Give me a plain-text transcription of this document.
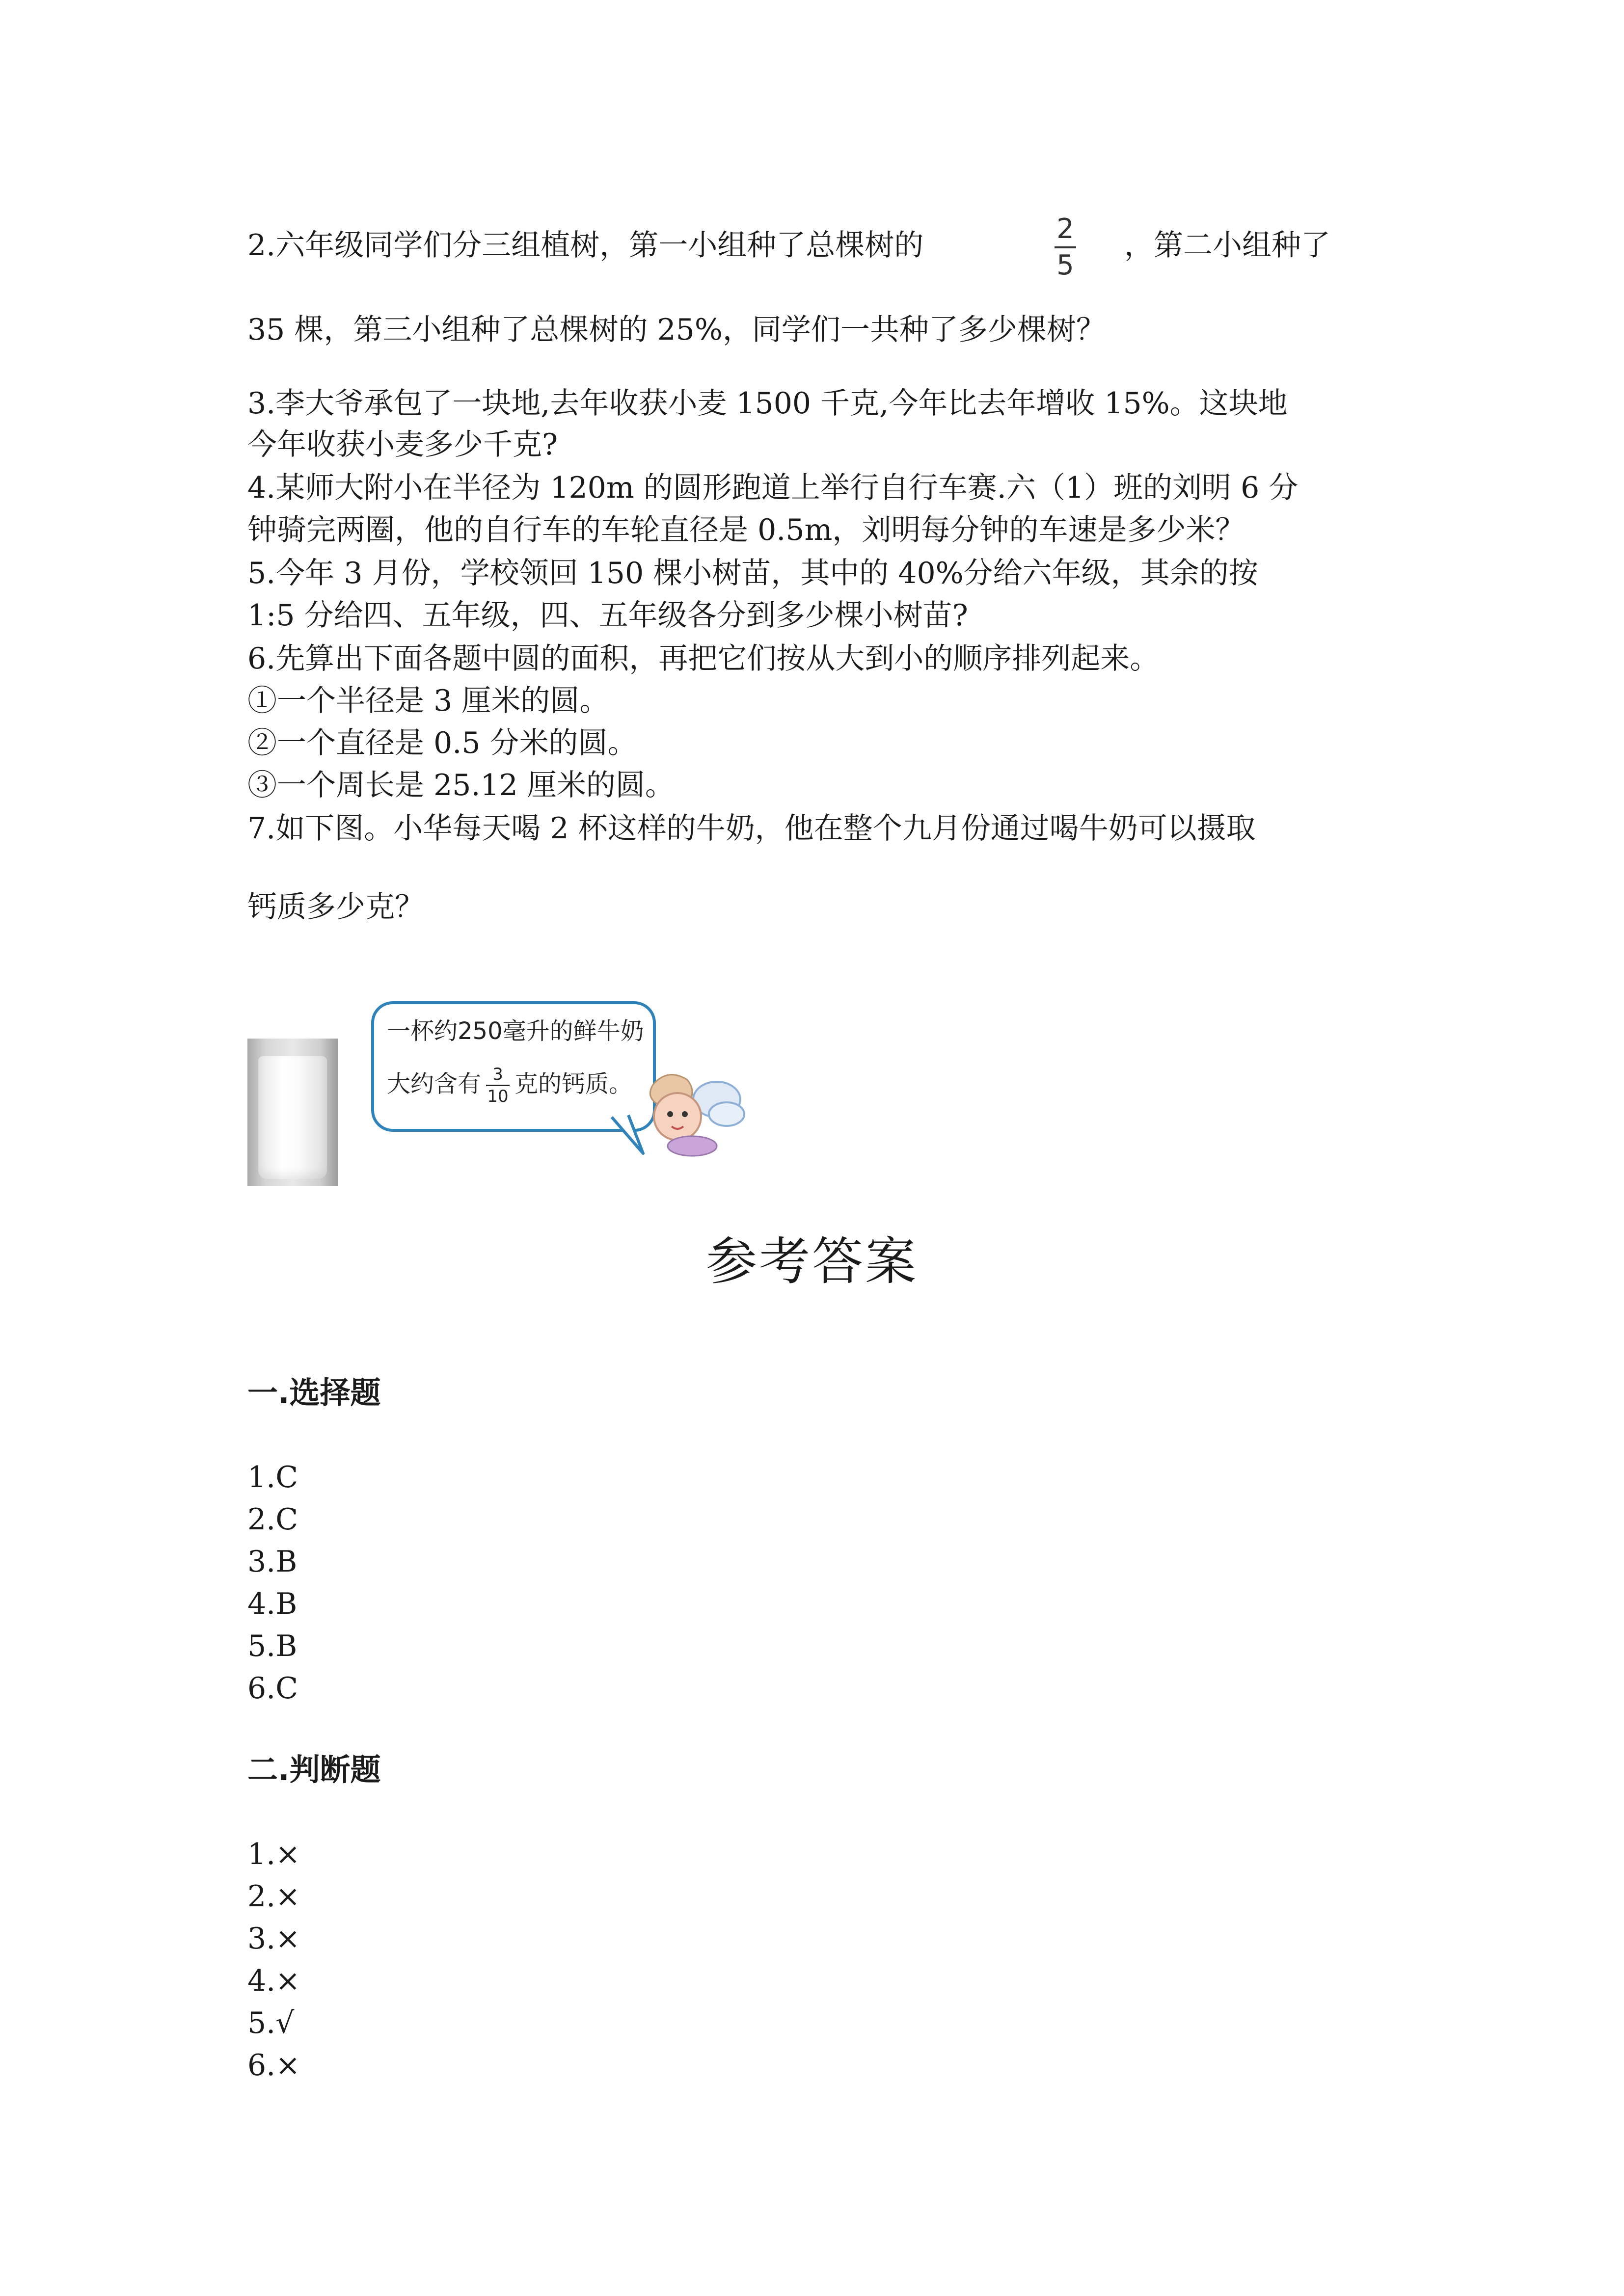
2.六年级同学们分三组植树，第一小组种了总棵树的	2
5
，第二小组种了
35 棵，第三小组种了总棵树的 25%，同学们一共种了多少棵树？
3.李大爷承包了一块地,去年收获小麦 1500 千克,今年比去年增收 15%。这块地
今年收获小麦多少千克?
4.某师大附小在半径为 120m 的圆形跑道上举行自行车赛.六（1）班的刘明 6 分
钟骑完两圈，他的自行车的车轮直径是 0.5m，刘明每分钟的车速是多少米？
5.今年 3 月份，学校领回 150 棵小树苗，其中的 40%分给六年级，其余的按
1:5 分给四、五年级，四、五年级各分到多少棵小树苗?
6.先算出下面各题中圆的面积，再把它们按从大到小的顺序排列起来。
①一个半径是 3 厘米的圆。
②一个直径是 0.5 分米的圆。
③一个周长是 25.12 厘米的圆。
7.如下图。小华每天喝 2 杯这样的牛奶，他在整个九月份通过喝牛奶可以摄取
钙质多少克？
一杯约250毫升的鲜牛奶
大约含有 $\frac{3}{10}$ 克的钙质。
参考答案
一.选择题
1.C
2.C
3.B
4.B
5.B
6.C
二.判断题
1.×
2.×
3.×
4.×
5.√
6.×
